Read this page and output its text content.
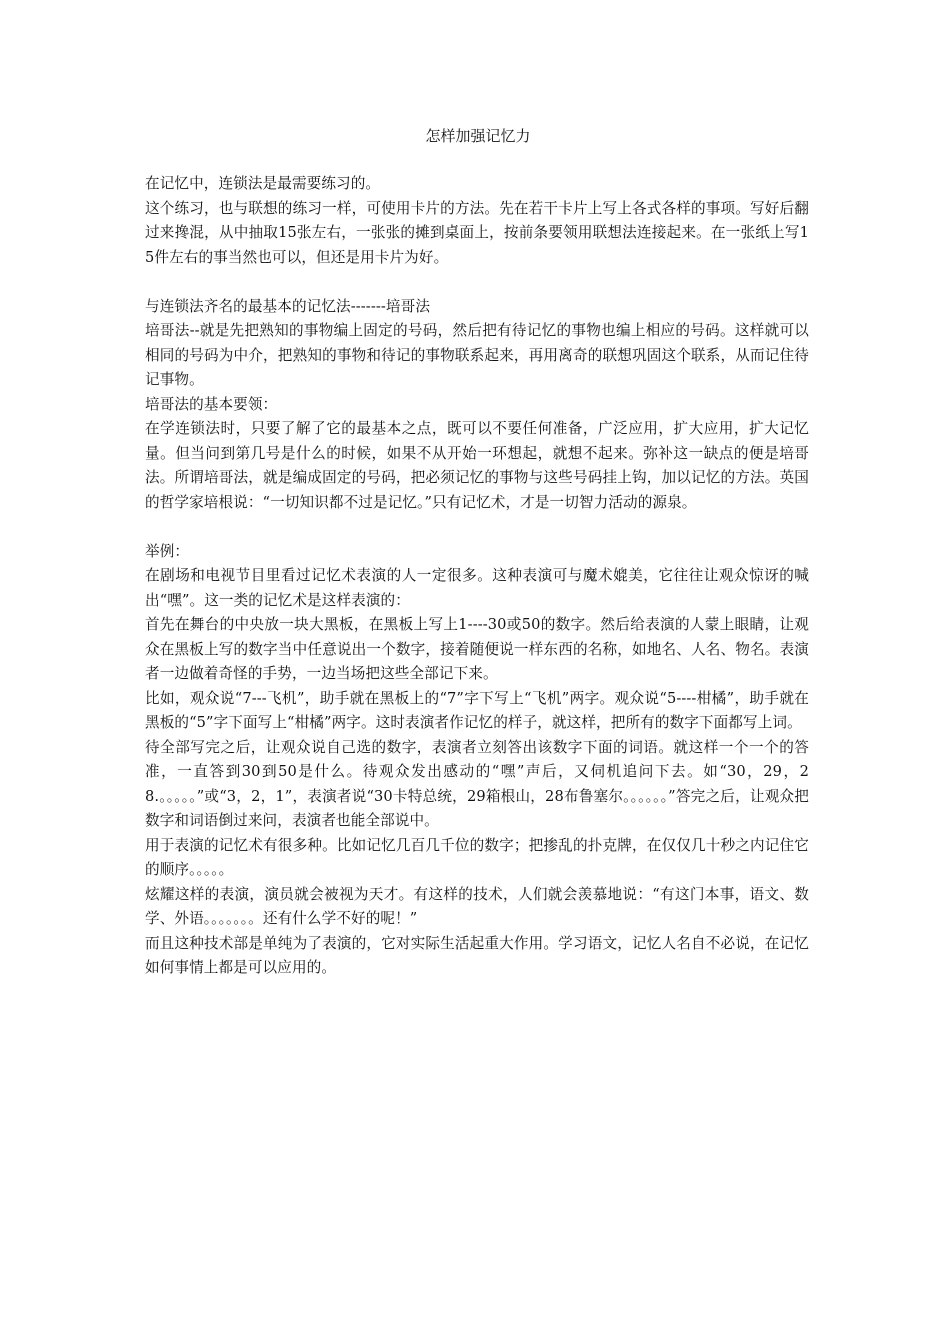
怎样加强记忆力

在记忆中，连锁法是最需要练习的。

这个练习，也与联想的练习一样，可使用卡片的方法。先在若干卡片上写上各式各样的事项。写好后翻过来搀混，从中抽取15张左右，一张张的摊到桌面上，按前条要领用联想法连接起来。在一张纸上写15件左右的事当然也可以，但还是用卡片为好。

与连锁法齐名的最基本的记忆法-------培哥法

培哥法--就是先把熟知的事物编上固定的号码，然后把有待记忆的事物也编上相应的号码。这样就可以相同的号码为中介，把熟知的事物和待记的事物联系起来，再用离奇的联想巩固这个联系，从而记住待记事物。

培哥法的基本要领：

在学连锁法时，只要了解了它的最基本之点，既可以不要任何准备，广泛应用，扩大应用，扩大记忆量。但当问到第几号是什么的时候，如果不从开始一环想起，就想不起来。弥补这一缺点的便是培哥法。所谓培哥法，就是编成固定的号码，把必须记忆的事物与这些号码挂上钩，加以记忆的方法。英国的哲学家培根说：“一切知识都不过是记忆。”只有记忆术，才是一切智力活动的源泉。

举例：

在剧场和电视节目里看过记忆术表演的人一定很多。这种表演可与魔术媲美，它往往让观众惊讶的喊出“嘿”。这一类的记忆术是这样表演的：

首先在舞台的中央放一块大黑板，在黑板上写上1----30或50的数字。然后给表演的人蒙上眼睛，让观众在黑板上写的数字当中任意说出一个数字，接着随便说一样东西的名称，如地名、人名、物名。表演者一边做着奇怪的手势，一边当场把这些全部记下来。

比如，观众说“7---飞机”，助手就在黑板上的“7”字下写上“飞机”两字。观众说“5----柑橘”，助手就在黑板的“5”字下面写上“柑橘”两字。这时表演者作记忆的样子，就这样，把所有的数字下面都写上词。

待全部写完之后，让观众说自己选的数字，表演者立刻答出该数字下面的词语。就这样一个一个的答准，一直答到30到50是什么。待观众发出感动的“嘿”声后，又伺机追问下去。如“30，29，28.。。。。。”或“3，2，1”，表演者说“30卡特总统，29箱根山，28布鲁塞尔。。。。。。”答完之后，让观众把数字和词语倒过来问，表演者也能全部说中。

用于表演的记忆术有很多种。比如记忆几百几千位的数字；把掺乱的扑克牌，在仅仅几十秒之内记住它的顺序。。。。。

炫耀这样的表演，演员就会被视为天才。有这样的技术，人们就会羡慕地说：“有这门本事，语文、数学、外语。。。。。。。还有什么学不好的呢！”

而且这种技术部是单纯为了表演的，它对实际生活起重大作用。学习语文，记忆人名自不必说，在记忆如何事情上都是可以应用的。
